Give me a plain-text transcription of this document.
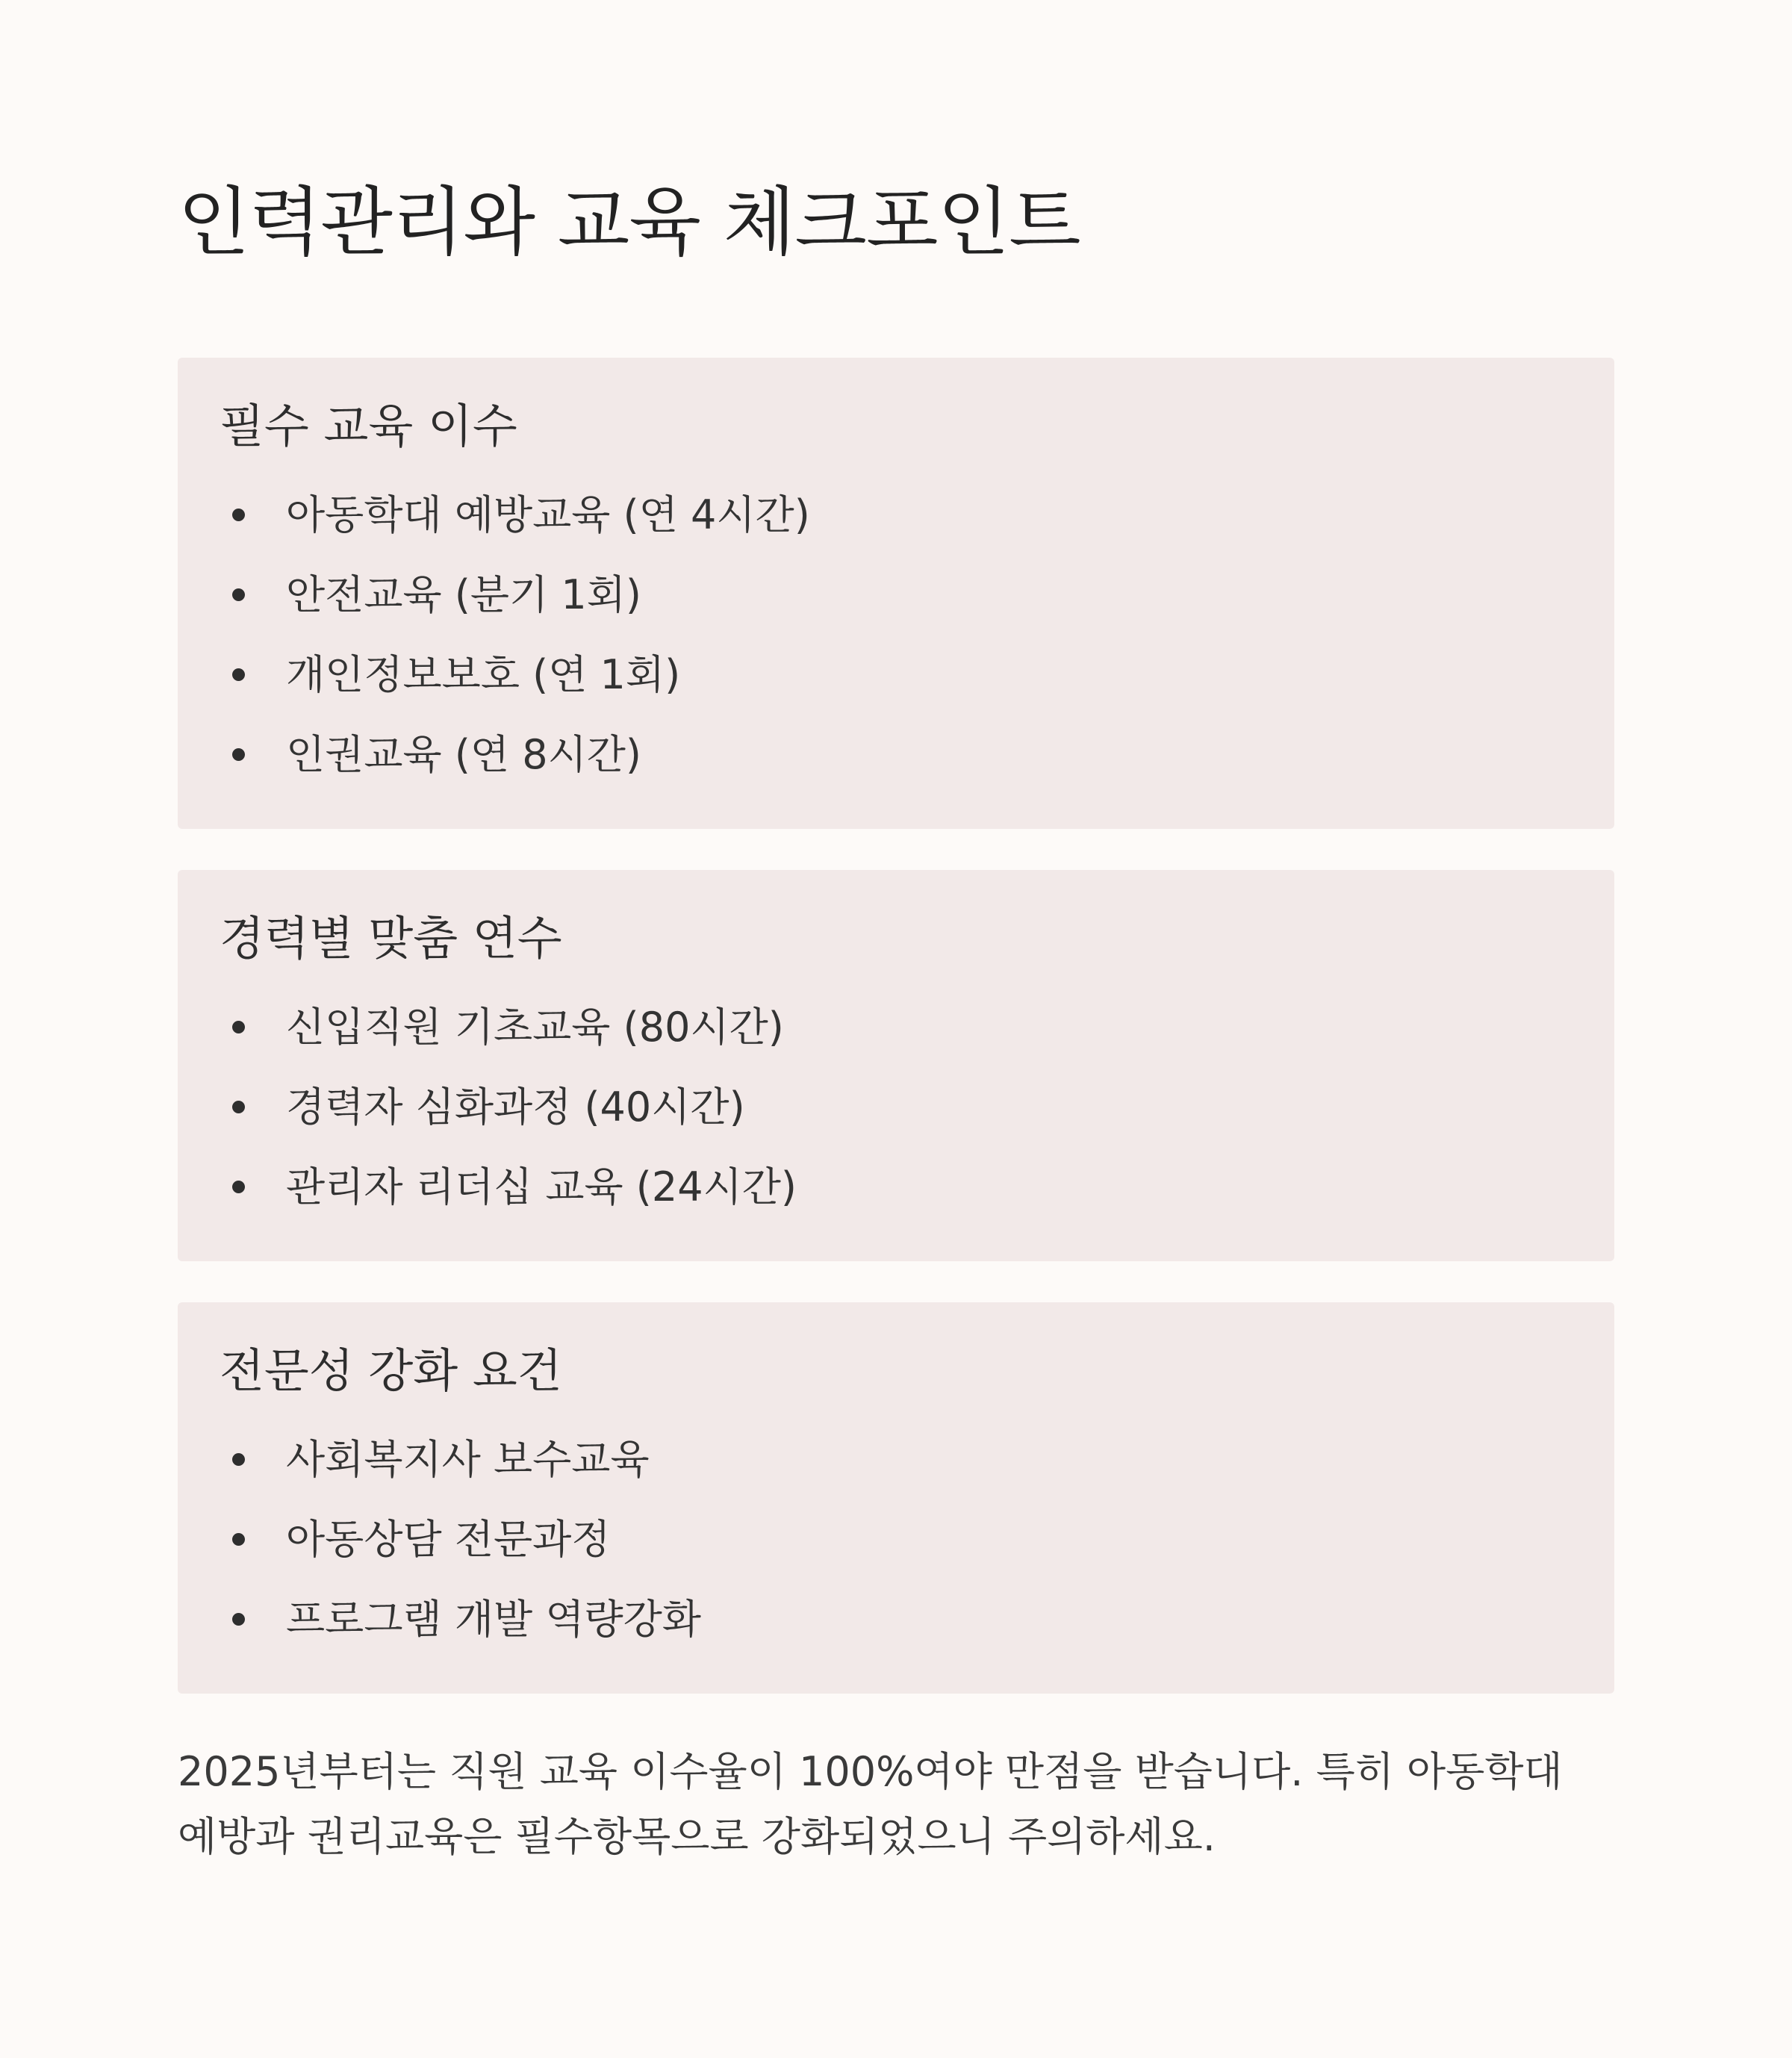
인력관리와 교육 체크포인트
필수 교육 이수
아동학대 예방교육 (연 4시간)
안전교육 (분기 1회)
개인정보보호 (연 1회)
인권교육 (연 8시간)
경력별 맞춤 연수
신입직원 기초교육 (80시간)
경력자 심화과정 (40시간)
관리자 리더십 교육 (24시간)
전문성 강화 요건
사회복지사 보수교육
아동상담 전문과정
프로그램 개발 역량강화

2025년부터는 직원 교육 이수율이 100%여야 만점을 받습니다. 특히 아동학대 예방과 권리교육은 필수항목으로 강화되었으니 주의하세요.
